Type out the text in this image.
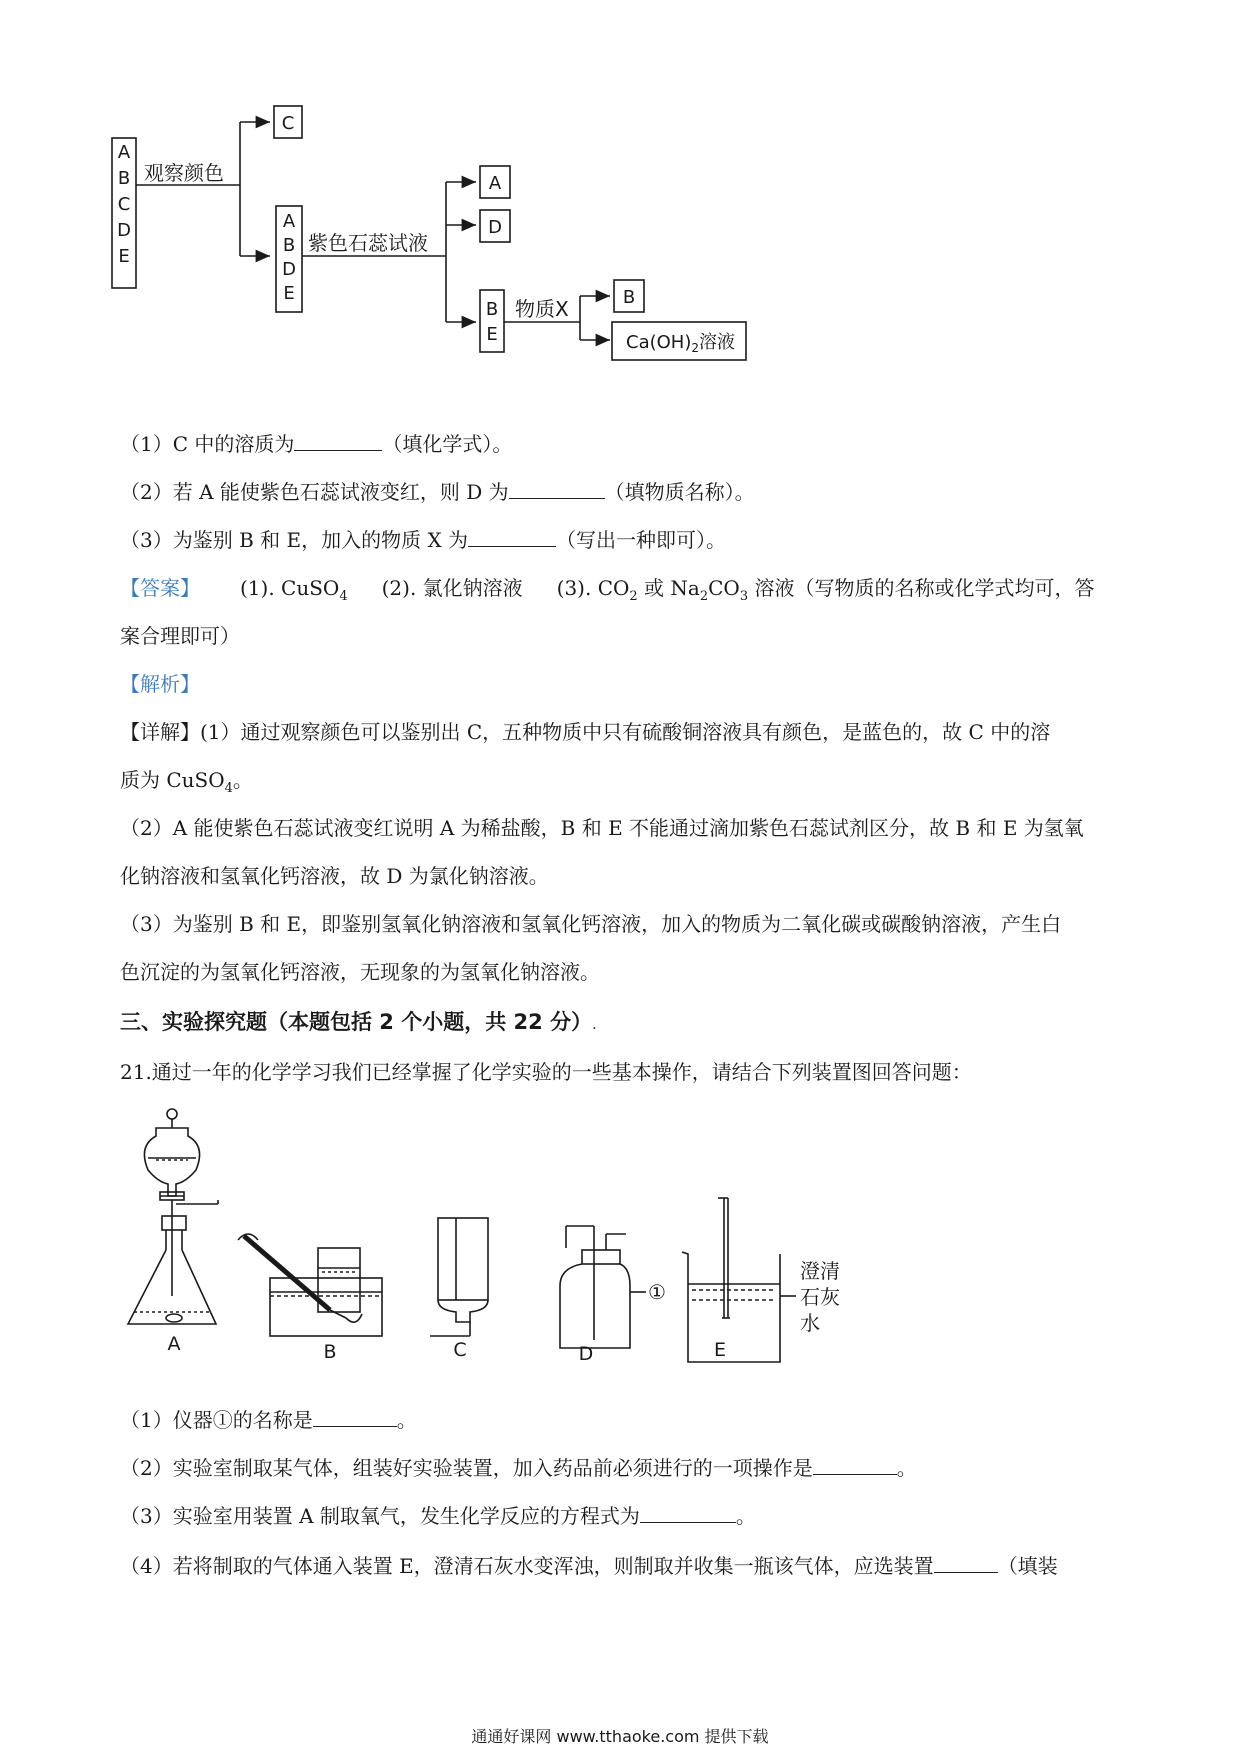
A
B
C
D
E
C
A
B
D
E
A
D
B
E
B
观察颜色
紫色石蕊试液
物质X
$Ca(OH)_2$溶液
（1）C 中的溶质为	（填化学式）。
（2）若 A 能使紫色石蕊试液变红，则 D 为	（填物质名称）。
（3）为鉴别 B 和 E，加入的物质 X 为	（写出一种即可）。
【答案】 (1). CuSO$_4$ (2). 氯化钠溶液 (3). $CO_2$ 或 $Na_2CO_3$ 溶液（写物质的名称或化学式均可，答
案合理即可）
【解析】
【详解】(1）通过观察颜色可以鉴别出 C，五种物质中只有硫酸铜溶液具有颜色，是蓝色的，故 C 中的溶
质为 CuSO$_4$。
（2）A 能使紫色石蕊试液变红说明 A 为稀盐酸，B 和 E 不能通过滴加紫色石蕊试剂区分，故 B 和 E 为氢氧
化钠溶液和氢氧化钙溶液，故 D 为氯化钠溶液。
（3）为鉴别 B 和 E，即鉴别氢氧化钠溶液和氢氧化钙溶液，加入的物质为二氧化碳或碳酸钠溶液，产生白
色沉淀的为氢氧化钙溶液，无现象的为氢氧化钠溶液。
三、实验探究题（本题包括 2 个小题，共 22 分）.
21.通过一年的化学学习我们已经掌握了化学实验的一些基本操作，请结合下列装置图回答问题：
A	B	C	D	E
①
澄清
石灰
水
（1）仪器①的名称是	。
（2）实验室制取某气体，组装好实验装置，加入药品前必须进行的一项操作是	。
（3）实验室用装置 A 制取氧气，发生化学反应的方程式为	。
（4）若将制取的气体通入装置 E，澄清石灰水变浑浊，则制取并收集一瓶该气体，应选装置	（填装
通通好课网 www.tthaoke.com 提供下载
